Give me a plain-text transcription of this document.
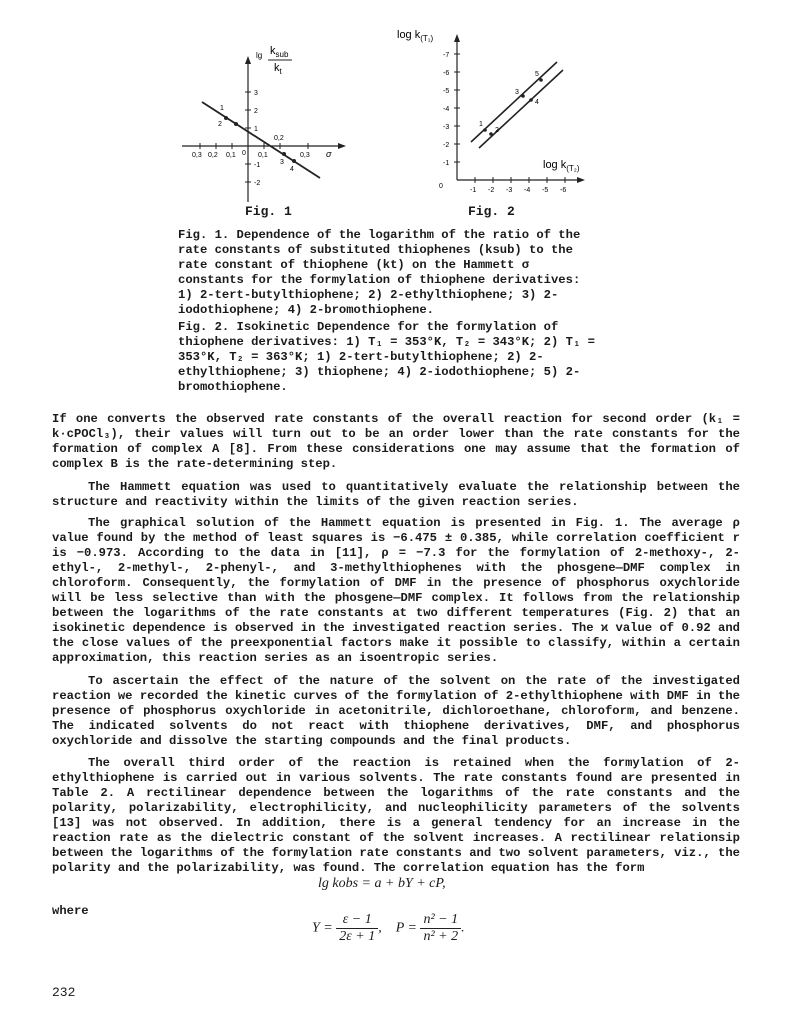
$\lg k_{sub}$
$k_t$
3
2
1
-1
-2
0,3 0,2 0,1 0 0,1
0,2
0,3 σ
1
2
3
4
Fig. 1
$\log k_{(T_1)}$
-7
-6
-5
-4
-3
-2
-1
0
-1 -2 -3 -4 -5 -6
$\log k_{(T_2)}$
1
2
3
4
5
Fig. 2

Fig. 1. Dependence of the logarithm of the ratio of the rate constants of substituted thiophenes (ksub) to the rate constant of thiophene (kt) on the Hammett σ constants for the formylation of thiophene derivatives: 1) 2-tert-butylthiophene; 2) 2-ethylthiophene; 3) 2-iodothiophene; 4) 2-bromothiophene.

Fig. 2. Isokinetic Dependence for the formylation of thiophene derivatives: 1) T₁ = 353°K, T₂ = 343°K; 2) T₁ = 353°K, T₂ = 363°K; 1) 2-tert-butylthiophene; 2) 2-ethylthiophene; 3) thiophene; 4) 2-iodothiophene; 5) 2-bromothiophene.

If one converts the observed rate constants of the overall reaction for second order (k₁ = k·cPOCl₃), their values will turn out to be an order lower than the rate constants for the formation of complex A [8]. From these considerations one may assume that the formation of complex B is the rate-determining step.

The Hammett equation was used to quantitatively evaluate the relationship between the structure and reactivity within the limits of the given reaction series.

The graphical solution of the Hammett equation is presented in Fig. 1. The average ρ value found by the method of least squares is −6.475 ± 0.385, while correlation coefficient r is −0.973. According to the data in [11], ρ = −7.3 for the formylation of 2-methoxy-, 2-ethyl-, 2-methyl-, 2-phenyl-, and 3-methylthiophenes with the phosgene—DMF complex in chloroform. Consequently, the formylation of DMF in the presence of phosphorus oxychloride will be less selective than with the phosgene—DMF complex. It follows from the relationship between the logarithms of the rate constants at two different temperatures (Fig. 2) that an isokinetic dependence is observed in the investigated reaction series. The ϰ value of 0.92 and the close values of the preexponential factors make it possible to classify, within a certain approximation, this reaction series as an isoentropic series.

To ascertain the effect of the nature of the solvent on the rate of the investigated reaction we recorded the kinetic curves of the formylation of 2-ethylthiophene with DMF in the presence of phosphorus oxychloride in acetonitrile, dichloroethane, chloroform, and benzene. The indicated solvents do not react with thiophene derivatives, DMF, and phosphorus oxychloride and dissolve the starting compounds and the final products.

The overall third order of the reaction is retained when the formylation of 2-ethylthiophene is carried out in various solvents. The rate constants found are presented in Table 2. A rectilinear dependence between the logarithms of the rate constants and the polarity, polarizability, electrophilicity, and nucleophilicity parameters of the solvents [13] was not observed. In addition, there is a general tendency for an increase in the reaction rate as the dielectric constant of the solvent increases. A rectilinear relationsip between the logarithms of the formylation rate constants and two solvent parameters, viz., the polarity and the polarizability, was found. The correlation equation has the form

lg kobs = a + bY + cP,
where
$Y = \frac{\varepsilon - 1}{2\varepsilon + 1}$ ,    $P = \frac{\text{n² − 1}}{\text{n² + 2}}$ .
232
